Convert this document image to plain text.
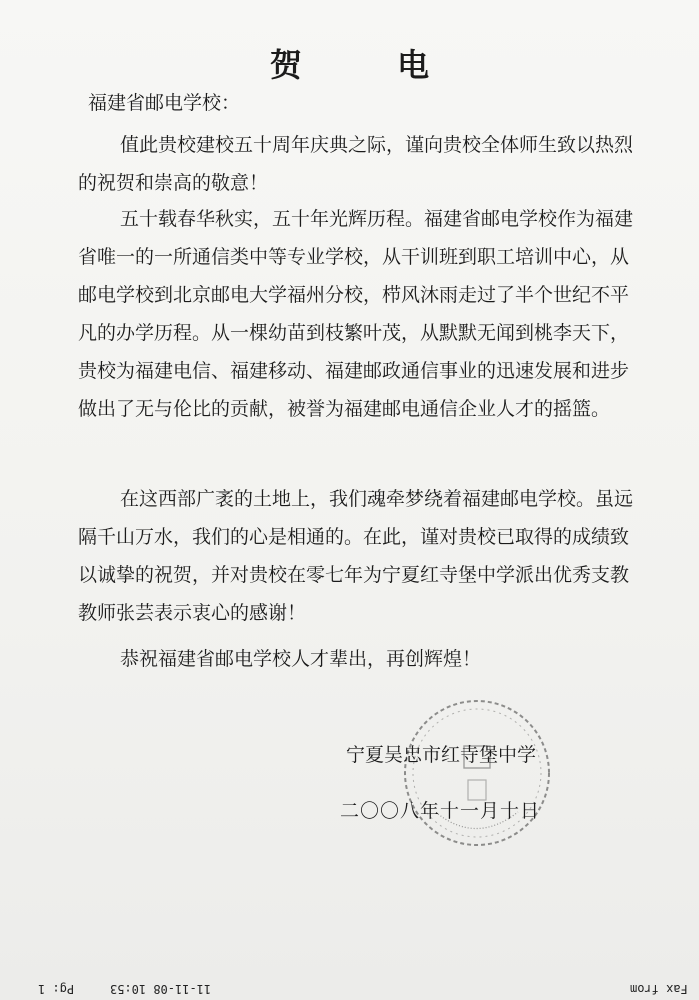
贺 电
福建省邮电学校：

值此贵校建校五十周年庆典之际，谨向贵校全体师生致以热烈的祝贺和崇高的敬意！

五十载春华秋实，五十年光辉历程。福建省邮电学校作为福建省唯一的一所通信类中等专业学校，从干训班到职工培训中心，从邮电学校到北京邮电大学福州分校，栉风沐雨走过了半个世纪不平凡的办学历程。从一棵幼苗到枝繁叶茂，从默默无闻到桃李天下，贵校为福建电信、福建移动、福建邮政通信事业的迅速发展和进步做出了无与伦比的贡献，被誉为福建邮电通信企业人才的摇篮。

在这西部广袤的土地上，我们魂牵梦绕着福建邮电学校。虽远隔千山万水，我们的心是相通的。在此，谨对贵校已取得的成绩致以诚挚的祝贺，并对贵校在零七年为宁夏红寺堡中学派出优秀支教教师张芸表示衷心的感谢！

恭祝福建省邮电学校人才辈出，再创辉煌！

宁夏吴忠市红寺堡中学
二〇〇八年十一月十日
Pg: 1	11-11-08 10:53	Fax from
